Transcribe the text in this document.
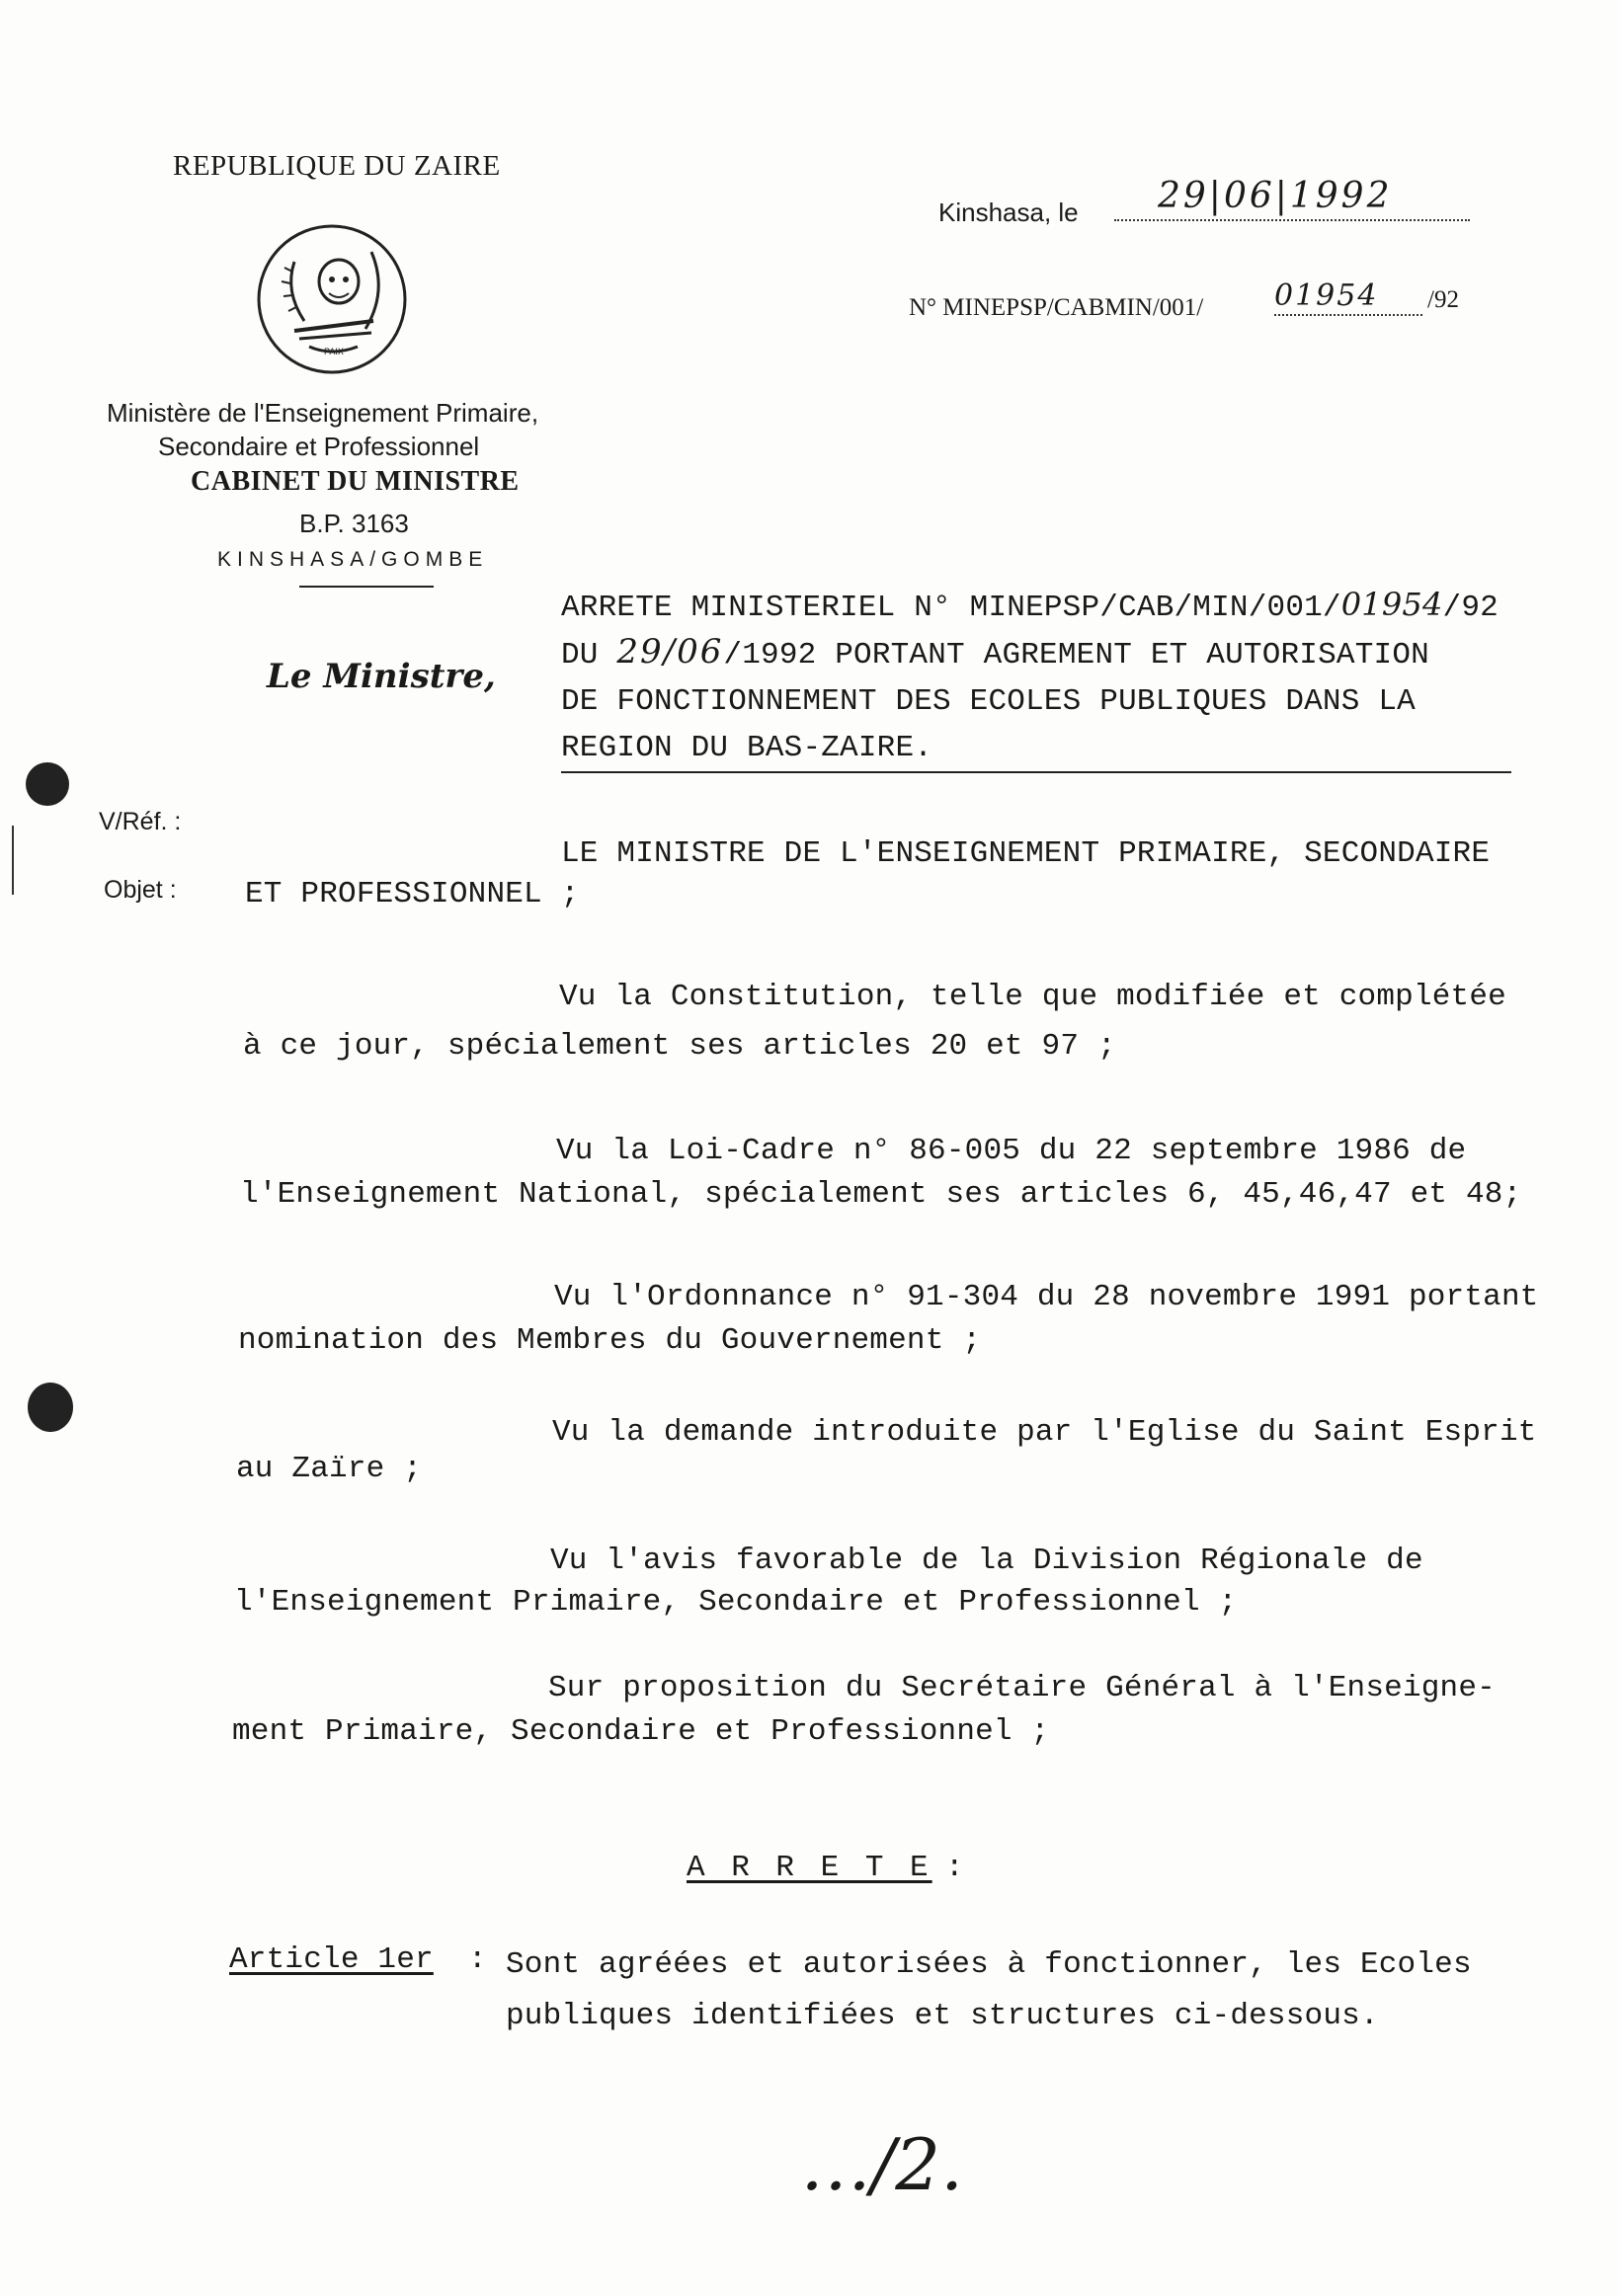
REPUBLIQUE DU ZAIRE
PAIX
Ministère de l'Enseignement Primaire,
Secondaire et Professionnel
CABINET DU MINISTRE
B.P. 3163
KINSHASA/GOMBE
Kinshasa, le 29|06|1992
N° MINEPSP/CABMIN/001/ 01954 /92
Le Ministre,
V/Réf. :
Objet :
ARRETE MINISTERIEL N° MINEPSP/CAB/MIN/001/01954/92
DU 29/06/1992 PORTANT AGREMENT ET AUTORISATION
DE FONCTIONNEMENT DES ECOLES PUBLIQUES DANS LA
REGION DU BAS-ZAIRE.
LE MINISTRE DE L'ENSEIGNEMENT PRIMAIRE, SECONDAIRE
ET PROFESSIONNEL ;
Vu la Constitution, telle que modifiée et complétée
à ce jour, spécialement ses articles 20 et 97 ;
Vu la Loi-Cadre n° 86-005 du 22 septembre 1986 de
l'Enseignement National, spécialement ses articles 6, 45,46,47 et 48;
Vu l'Ordonnance n° 91-304 du 28 novembre 1991 portant
nomination des Membres du Gouvernement ;
Vu la demande introduite par l'Eglise du Saint Esprit
au Zaïre ;
Vu l'avis favorable de la Division Régionale de
l'Enseignement Primaire, Secondaire et Professionnel ;
Sur proposition du Secrétaire Général à l'Enseigne-
ment Primaire, Secondaire et Professionnel ;
A R R E T E :
Article 1er : Sont agréées et autorisées à fonctionner, les Ecoles
publiques identifiées et structures ci-dessous.
…/2.
